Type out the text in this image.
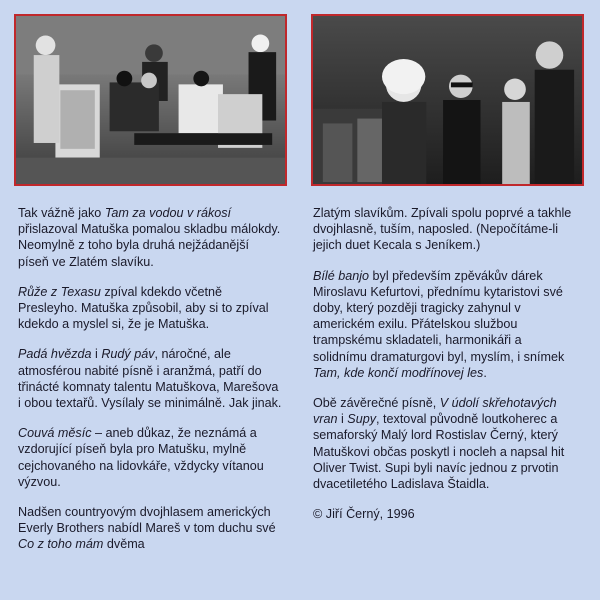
Tak vážně jako Tam za vodou v rákosí přislazoval Matuška pomalou skladbu málokdy. Neomylně z toho byla druhá nejžádanější píseň ve Zlatém slavíku.

Růže z Texasu zpíval kdekdo včetně Presleyho. Matuška způsobil, aby si to zpíval kdekdo a myslel si, že je Matuška.

Padá hvězda i Rudý páv, náročné, ale atmosférou nabité písně i aranžmá, patří do třinácté komnaty talentu Matuškova, Marešova i obou textařů. Vysílaly se minimálně. Jak jinak.

Couvá měsíc – aneb důkaz, že neznámá a vzdorující píseň byla pro Matušku, mylně cejchovaného na lidovkáře, vždycky vítanou výzvou.

Nadšen countryovým dvojhlasem amerických Everly Brothers nabídl Mareš v tom duchu své Co z toho mám dvěma

Zlatým slavíkům. Zpívali spolu poprvé a takhle dvojhlasně, tuším, naposled. (Nepočítáme-li jejich duet Kecala s Jeníkem.)

Bílé banjo byl především zpěvákův dárek Miroslavu Kefurtovi, přednímu kytaristovi své doby, který později tragicky zahynul v americkém exilu. Přátelskou službou trampskému skladateli, harmonikáři a solidnímu dramaturgovi byl, myslím, i snímek Tam, kde končí modřínovej les.

Obě závěrečné písně, V údolí skřehotavých vran i Supy, textoval původně loutkoherec a semaforský Malý lord Rostislav Černý, který Matuškovi občas poskytl i nocleh a napsal hit Oliver Twist. Supi byli navíc jednou z prvotin dvacetiletého Ladislava Štaidla.

© Jiří Černý, 1996
